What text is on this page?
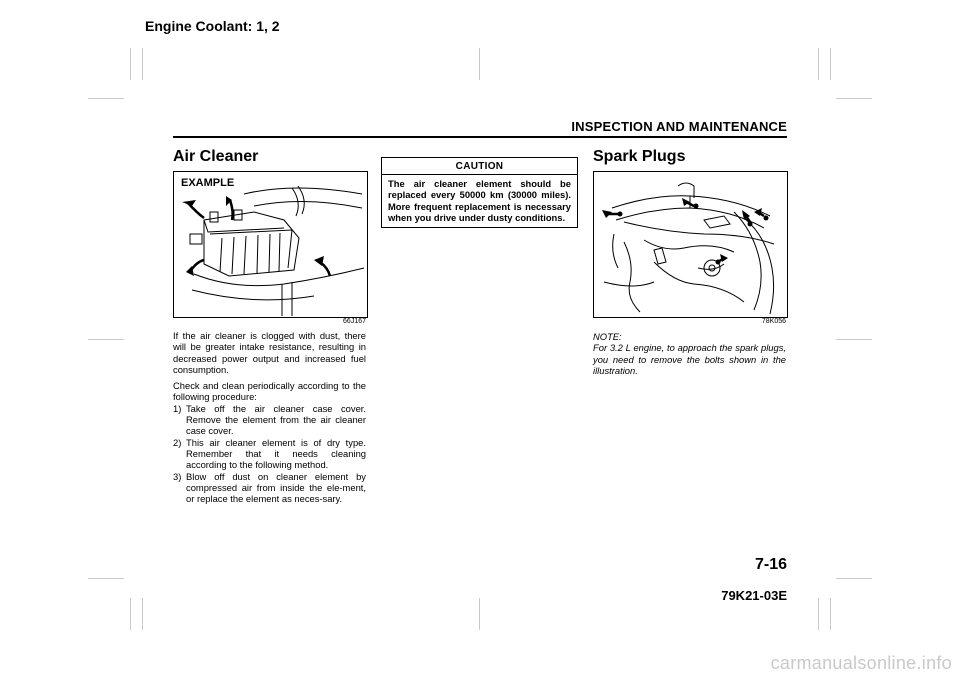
Engine Coolant: 1, 2
INSPECTION AND MAINTENANCE
Air Cleaner
EXAMPLE
66J167

If the air cleaner is clogged with dust, there will be greater intake resistance, resulting in decreased power output and increased fuel consumption.

Check and clean periodically according to the following procedure:

1) Take off the air cleaner case cover. Remove the element from the air cleaner case cover.
2) This air cleaner element is of dry type. Remember that it needs cleaning according to the following method.
3) Blow off dust on cleaner element by compressed air from inside the ele-ment, or replace the element as neces-sary.
CAUTION
The air cleaner element should be replaced every 50000 km (30000 miles). More frequent replacement is necessary when you drive under dusty conditions.
Spark Plugs
78K056
NOTE:
For 3.2 L engine, to approach the spark plugs, you need to remove the bolts shown in the illustration.
7-16
79K21-03E
carmanualsonline.info
